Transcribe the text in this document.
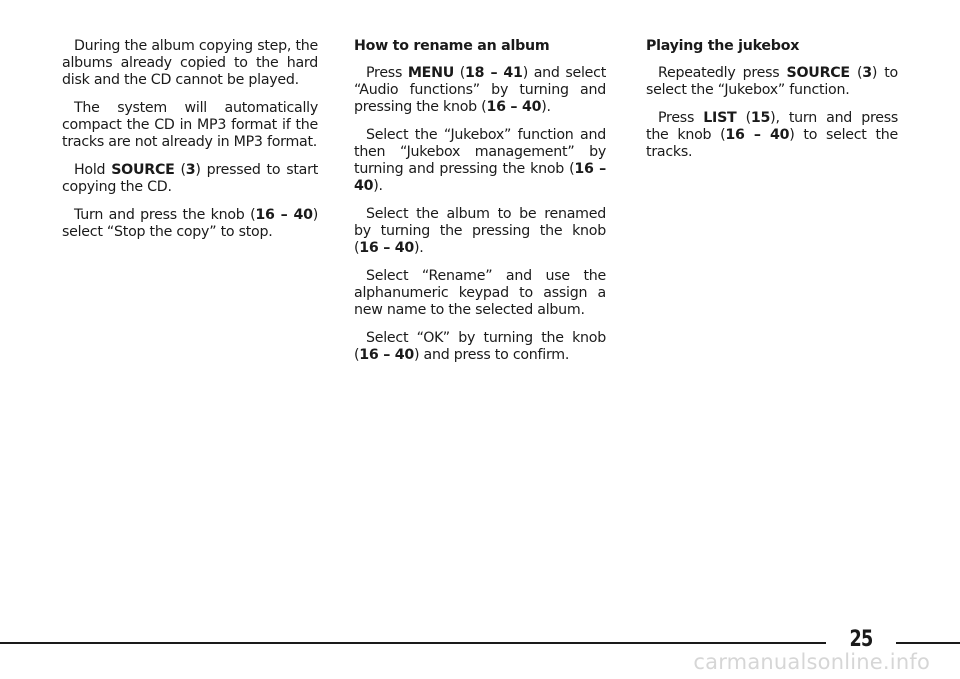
During the album copying step, the albums already copied to the hard disk and the CD cannot be played.

The system will automatically compact the CD in MP3 format if the tracks are not already in MP3 format.

Hold SOURCE (3) pressed to start copying the CD.

Turn and press the knob (16 – 40) select “Stop the copy” to stop.

How to rename an album

Press MENU (18 – 41) and select “Audio functions” by turning and pressing the knob (16 – 40).

Select the “Jukebox” function and then “Jukebox management” by turning and pressing the knob (16 – 40).

Select the album to be renamed by turning the pressing the knob (16 – 40).

Select “Rename” and use the alphanumeric keypad to assign a new name to the selected album.

Select “OK” by turning the knob (16 – 40) and press to confirm.

Playing the jukebox

Repeatedly press SOURCE (3) to select the “Jukebox” function.

Press LIST (15), turn and press the knob (16 – 40) to select the tracks.

25
carmanualsonline.info
